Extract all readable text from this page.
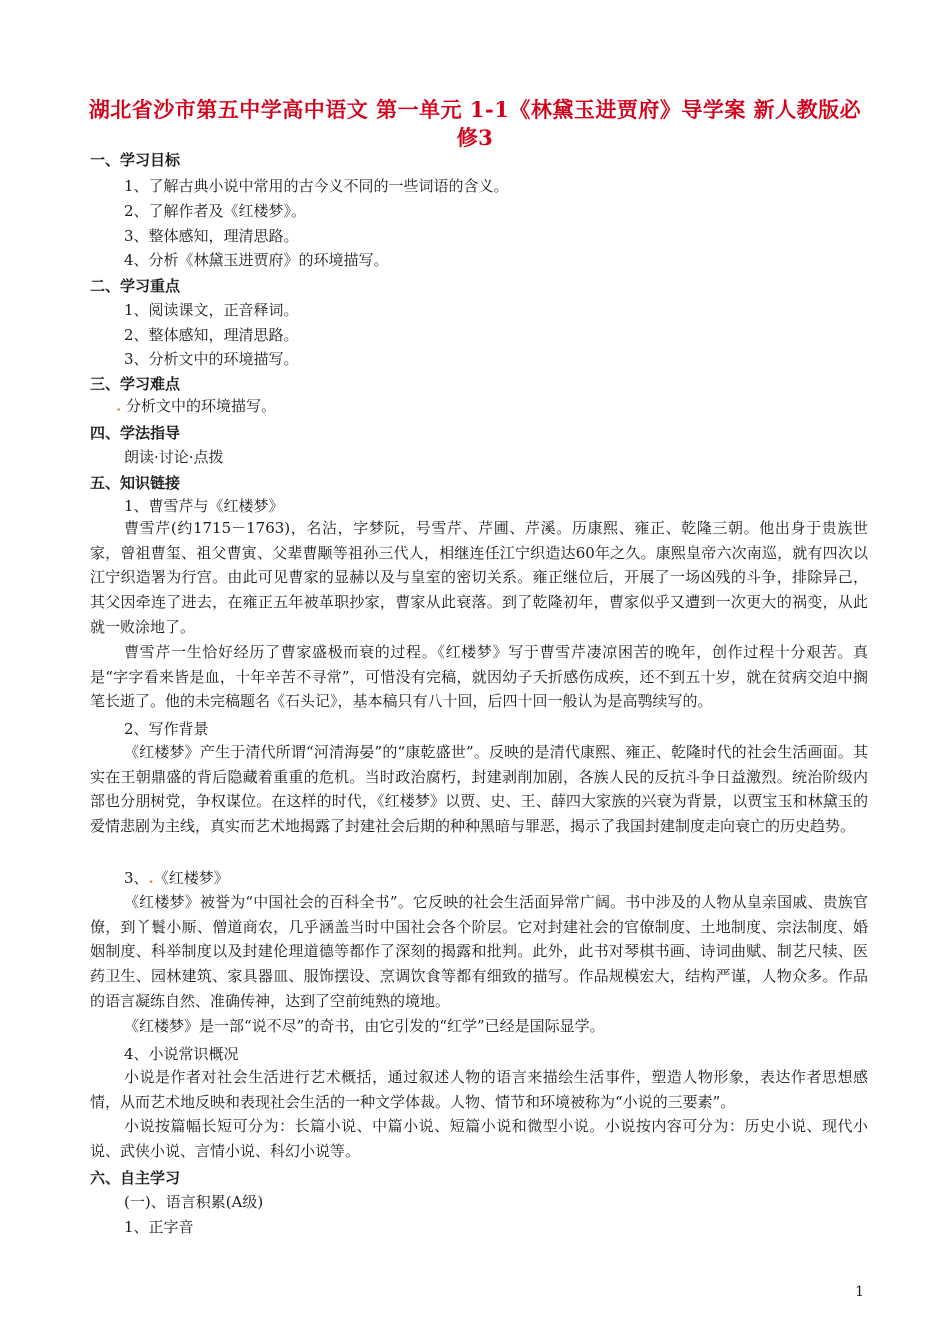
湖北省沙市第五中学高中语文 第一单元 1-1《林黛玉进贾府》导学案 新人教版必修3
一、学习目标
1、了解古典小说中常用的古今义不同的一些词语的含义。
2、了解作者及《红楼梦》。
3、整体感知，理清思路。
4、分析《林黛玉进贾府》的环境描写。
二、学习重点
1、阅读课文，正音释词。
2、整体感知，理清思路。
3、分析文中的环境描写。
三、学习难点
. 分析文中的环境描写。
四、学法指导
朗读·讨论·点拨
五、知识链接
1、曹雪芹与《红楼梦》
曹雪芹(约1715－1763)，名沾，字梦阮，号雪芹、芹圃、芹溪。历康熙、雍正、乾隆三朝。他出身于贵族世家，曾祖曹玺、祖父曹寅、父辈曹颙等祖孙三代人，相继连任江宁织造达60年之久。康熙皇帝六次南巡，就有四次以江宁织造署为行宫。由此可见曹家的显赫以及与皇室的密切关系。雍正继位后，开展了一场凶残的斗争，排除异己，其父因牵连了进去，在雍正五年被革职抄家，曹家从此衰落。到了乾隆初年，曹家似乎又遭到一次更大的祸变，从此就一败涂地了。
曹雪芹一生恰好经历了曹家盛极而衰的过程。《红楼梦》写于曹雪芹凄凉困苦的晚年，创作过程十分艰苦。真是“字字看来皆是血，十年辛苦不寻常”，可惜没有完稿，就因幼子夭折感伤成疾，还不到五十岁，就在贫病交迫中搁笔长逝了。他的未完稿题名《石头记》，基本稿只有八十回，后四十回一般认为是高鹗续写的。
2、写作背景
《红楼梦》产生于清代所谓“河清海晏”的“康乾盛世”。反映的是清代康熙、雍正、乾隆时代的社会生活画面。其实在王朝鼎盛的背后隐藏着重重的危机。当时政治腐朽，封建剥削加剧，各族人民的反抗斗争日益激烈。统治阶级内部也分朋树党，争权谋位。在这样的时代，《红楼梦》以贾、史、王、薛四大家族的兴衰为背景，以贾宝玉和林黛玉的爱情悲剧为主线，真实而艺术地揭露了封建社会后期的种种黑暗与罪恶，揭示了我国封建制度走向衰亡的历史趋势。
3、.《红楼梦》
《红楼梦》被誉为“中国社会的百科全书”。它反映的社会生活面异常广阔。书中涉及的人物从皇亲国戚、贵族官僚，到丫鬟小厮、僧道商农，几乎涵盖当时中国社会各个阶层。它对封建社会的官僚制度、土地制度、宗法制度、婚姻制度、科举制度以及封建伦理道德等都作了深刻的揭露和批判。此外，此书对琴棋书画、诗词曲赋、制艺尺犊、医药卫生、园林建筑、家具器皿、服饰摆设、烹调饮食等都有细致的描写。作品规模宏大，结构严谨，人物众多。作品的语言凝练自然、准确传神，达到了空前纯熟的境地。
《红楼梦》是一部“说不尽”的奇书，由它引发的“红学”已经是国际显学。
4、小说常识概况
小说是作者对社会生活进行艺术概括，通过叙述人物的语言来描绘生活事件，塑造人物形象，表达作者思想感情，从而艺术地反映和表现社会生活的一种文学体裁。人物、情节和环境被称为“小说的三要素”。
小说按篇幅长短可分为：长篇小说、中篇小说、短篇小说和微型小说。小说按内容可分为：历史小说、现代小说、武侠小说、言情小说、科幻小说等。
六、自主学习
(一)、语言积累(A级)
1、正字音
1
